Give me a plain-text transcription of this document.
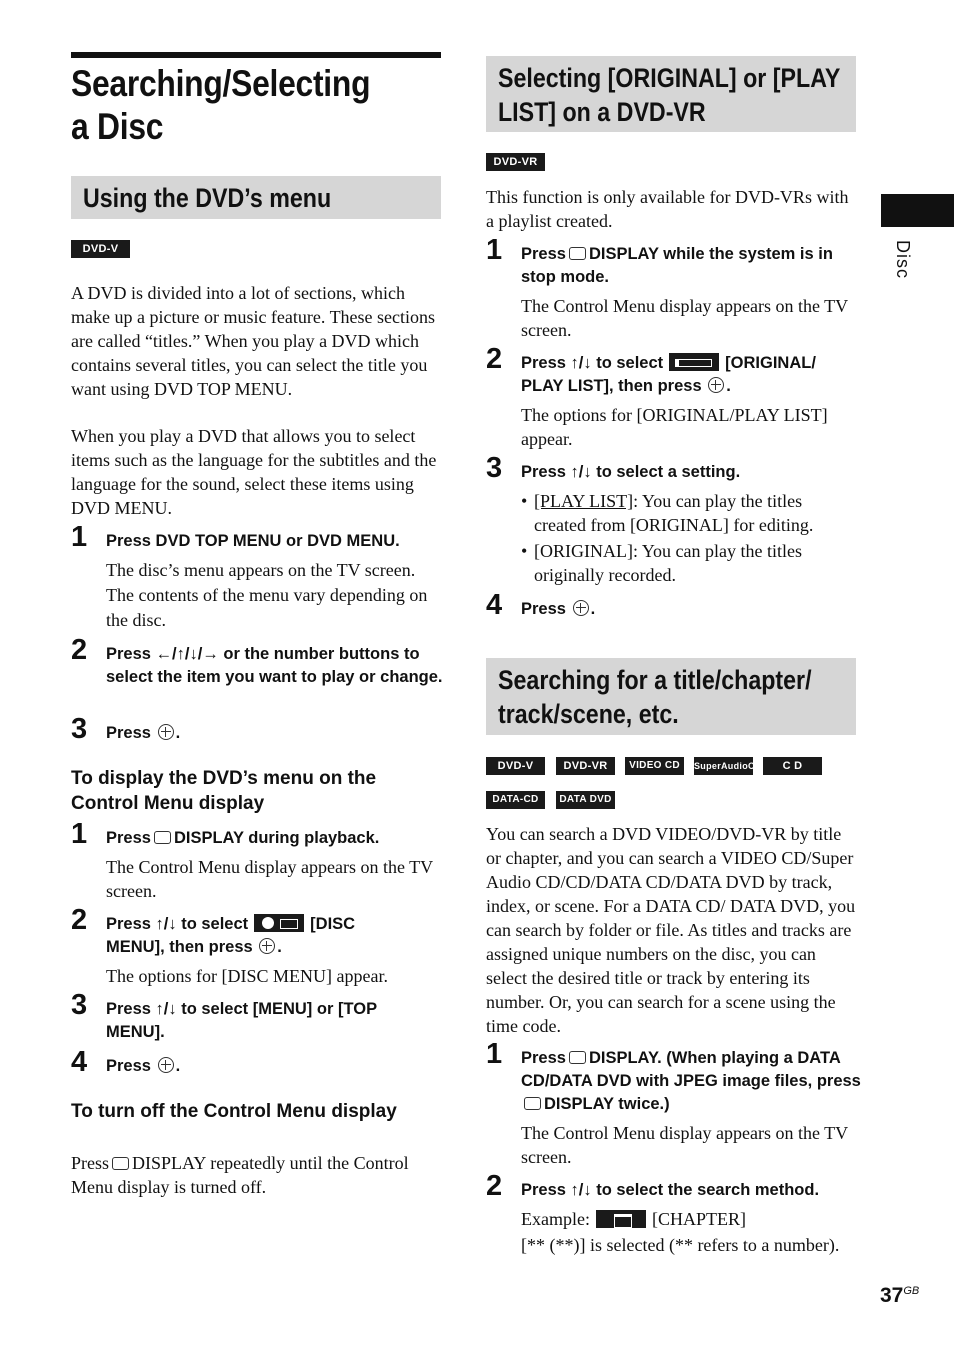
Searching/Selecting a Disc
Using the DVD’s menu
DVD-V

A DVD is divided into a lot of sections, which make up a picture or music feature. These sections are called “titles.” When you play a DVD which contains several titles, you can select the title you want using DVD TOP MENU.

When you play a DVD that allows you to select items such as the language for the subtitles and the language for the sound, select these items using DVD MENU.

1 Press DVD TOP MENU or DVD MENU.

The disc’s menu appears on the TV screen. The contents of the menu vary depending on the disc.

2 Press ←/↑/↓/→ or the number buttons to select the item you want to play or change.
3 Press .
To display the DVD’s menu on the Control Menu display
1 Press DISPLAY during playback.

The Control Menu display appears on the TV screen.

2 Press ↑/↓ to select	[DISC
MENU], then press .

The options for [DISC MENU] appear.

3 Press ↑/↓ to select [MENU] or [TOP MENU].
4 Press .
To turn off the Control Menu display

Press DISPLAY repeatedly until the Control Menu display is turned off.

Selecting [ORIGINAL] or [PLAY LIST] on a DVD-VR
DVD-VR

This function is only available for DVD-VRs with a playlist created.

1 Press DISPLAY while the system is in stop mode.

The Control Menu display appears on the TV screen.

2 Press ↑/↓ to select	[ORIGINAL/
PLAY LIST], then press .

The options for [ORIGINAL/PLAY LIST] appear.

3 Press ↑/↓ to select a setting.
• [PLAY LIST]: You can play the titles created from [ORIGINAL] for editing.
• [ORIGINAL]: You can play the titles originally recorded.
4 Press .
Searching for a title/chapter/ track/scene, etc.
DVD-V	DVD-VR	VIDEO CD	SuperAudioCD	C D
DATA-CD	DATA DVD

You can search a DVD VIDEO/DVD-VR by title or chapter, and you can search a VIDEO CD/Super Audio CD/CD/DATA CD/DATA DVD by track, index, or scene. For a DATA CD/ DATA DVD, you can search by folder or file. As titles and tracks are assigned unique numbers on the disc, you can select the desired title or track by entering its number. Or, you can search for a scene using the time code.

1 Press DISPLAY. (When playing a DATA CD/DATA DVD with JPEG image files, pressDISPLAY twice.)

The Control Menu display appears on the TV screen.

2 Press ↑/↓ to select the search method.

Example:	[CHAPTER]

[** (**)] is selected (** refers to a number).

Disc
$37^{GB}$
